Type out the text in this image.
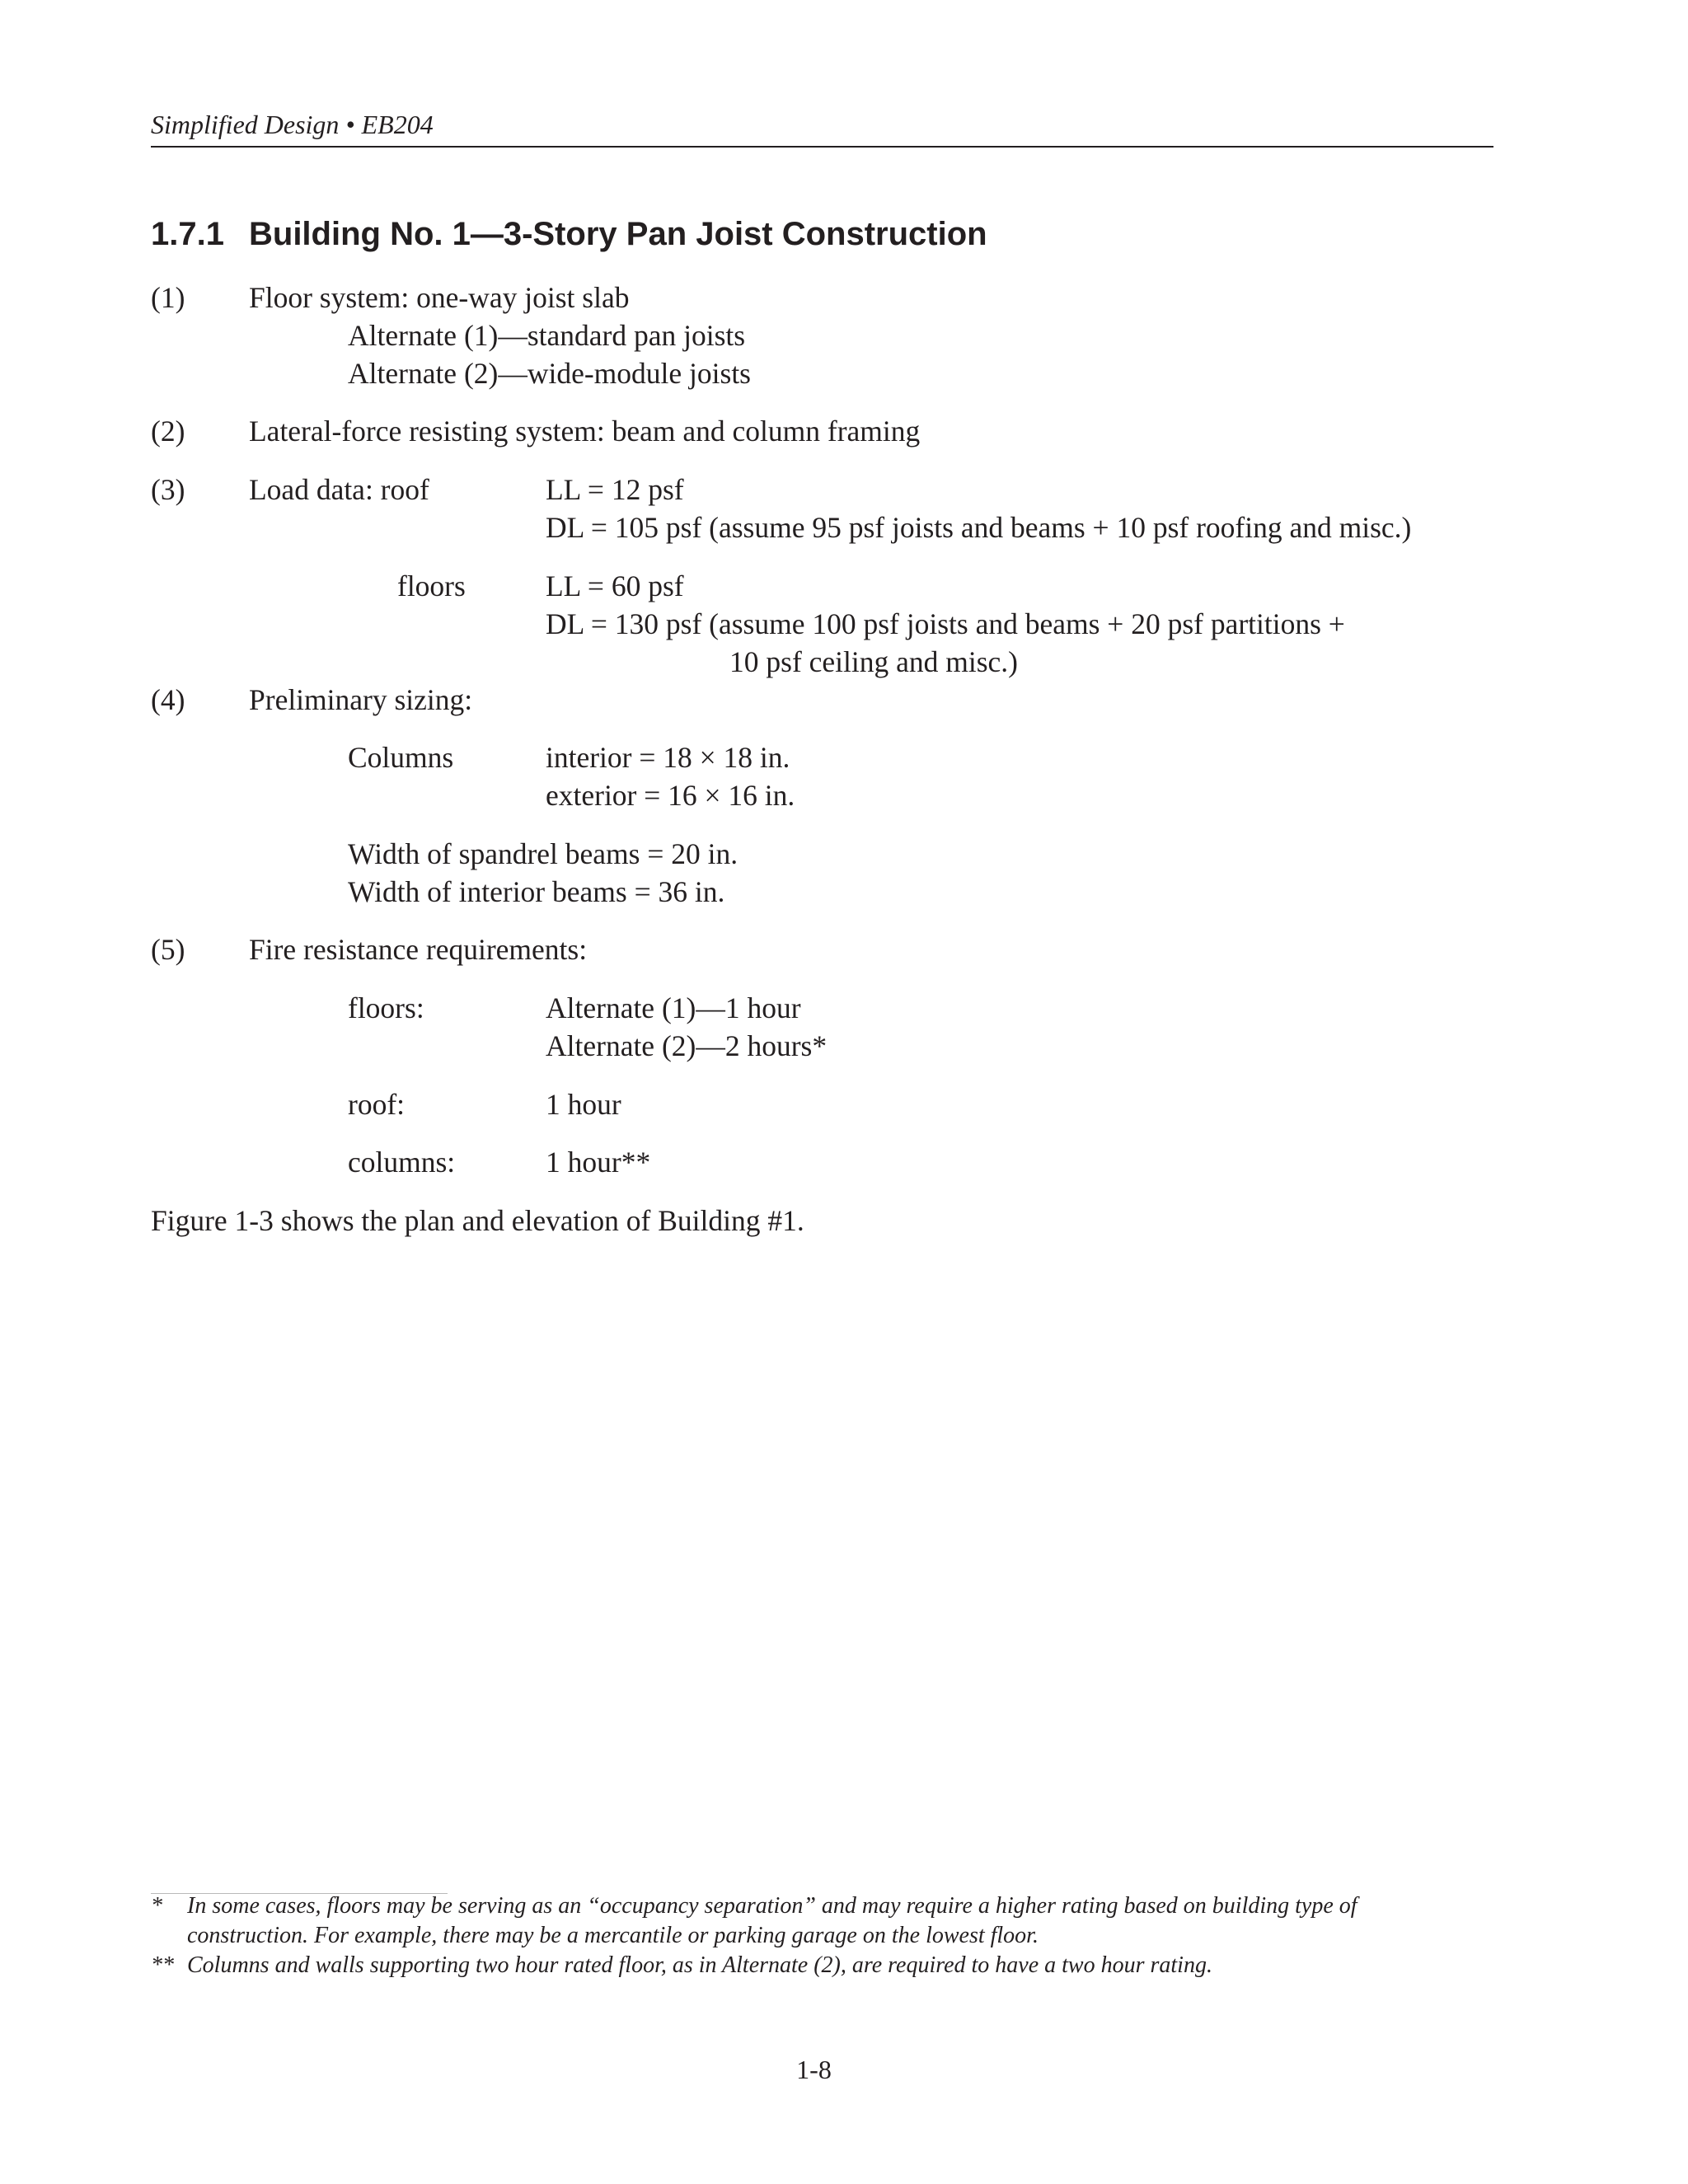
Simplified Design • EB204
1.7.1 Building No. 1—3-Story Pan Joist Construction
(1) Floor system: one-way joist slab
Alternate (1)—standard pan joists
Alternate (2)—wide-module joists
(2) Lateral-force resisting system: beam and column framing
(3) Load data: roof	LL = 12 psf
DL = 105 psf (assume 95 psf joists and beams + 10 psf roofing and misc.)
floors	LL = 60 psf
DL = 130 psf (assume 100 psf joists and beams + 20 psf partitions +
10 psf ceiling and misc.)
(4) Preliminary sizing:
Columns	interior = 18 × 18 in.
exterior = 16 × 16 in.
Width of spandrel beams = 20 in.
Width of interior beams = 36 in.
(5) Fire resistance requirements:
floors:	Alternate (1)—1 hour
Alternate (2)—2 hours*
roof:	1 hour
columns:	1 hour**
Figure 1-3 shows the plan and elevation of Building #1.
* In some cases, floors may be serving as an “occupancy separation” and may require a higher rating based on building type of
construction. For example, there may be a mercantile or parking garage on the lowest floor.
** Columns and walls supporting two hour rated floor, as in Alternate (2), are required to have a two hour rating.
1-8
